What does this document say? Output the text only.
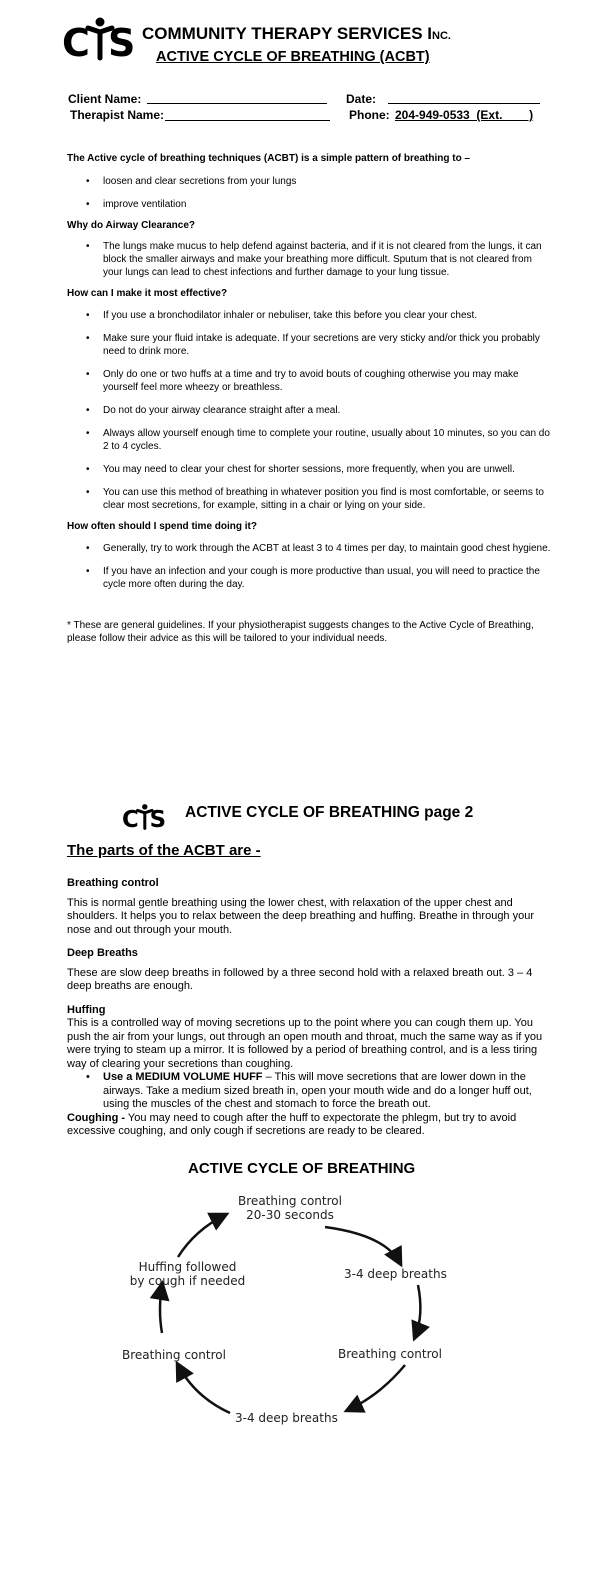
C S COMMUNITY THERAPY SERVICES INC.
ACTIVE CYCLE OF BREATHING (ACBT)
Client Name:	Date:
Therapist Name:	Phone: 204-949-0533  (Ext.        )
The Active cycle of breathing techniques (ACBT) is a simple pattern of breathing to –
• loosen and clear secretions from your lungs
• improve ventilation
Why do Airway Clearance?
• The lungs make mucus to help defend against bacteria, and if it is not cleared from the lungs, it can block the smaller airways and make your breathing more difficult. Sputum that is not cleared from your lungs can lead to chest infections and further damage to your lung tissue.
How can I make it most effective?
• If you use a bronchodilator inhaler or nebuliser, take this before you clear your chest.
• Make sure your fluid intake is adequate. If your secretions are very sticky and/or thick you probably need to drink more.
• Only do one or two huffs at a time and try to avoid bouts of coughing otherwise you may make yourself feel more wheezy or breathless.
• Do not do your airway clearance straight after a meal.
• Always allow yourself enough time to complete your routine, usually about 10 minutes, so you can do 2 to 4 cycles.
• You may need to clear your chest for shorter sessions, more frequently, when you are unwell.
• You can use this method of breathing in whatever position you find is most comfortable, or seems to clear most secretions, for example, sitting in a chair or lying on your side.
How often should I spend time doing it?
• Generally, try to work through the ACBT at least 3 to 4 times per day, to maintain good chest hygiene.
• If you have an infection and your cough is more productive than usual, you will need to practice the cycle more often during the day.
* These are general guidelines. If your physiotherapist suggests changes to the Active Cycle of Breathing, please follow their advice as this will be tailored to your individual needs.
C S ACTIVE CYCLE OF BREATHING page 2
The parts of the ACBT are -
Breathing control
This is normal gentle breathing using the lower chest, with relaxation of the upper chest and shoulders. It helps you to relax between the deep breathing and huffing. Breathe in through your nose and out through your mouth.
Deep Breaths
These are slow deep breaths in followed by a three second hold with a relaxed breath out. 3 – 4 deep breaths are enough.
Huffing
This is a controlled way of moving secretions up to the point where you can cough them up. You push the air from your lungs, out through an open mouth and throat, much the same way as if you were trying to steam up a mirror. It is followed by a period of breathing control, and is a less tiring way of clearing your secretions than coughing.
• Use a MEDIUM VOLUME HUFF – This will move secretions that are lower down in the airways. Take a medium sized breath in, open your mouth wide and do a longer huff out, using the muscles of the chest and stomach to force the breath out.
Coughing - You may need to cough after the huff to expectorate the phlegm, but try to avoid excessive coughing, and only cough if secretions are ready to be cleared.
ACTIVE CYCLE OF BREATHING
Breathing control
20-30 seconds
3-4 deep breaths
Breathing control
3-4 deep breaths
Breathing control
Huffing followed
by cough if needed
